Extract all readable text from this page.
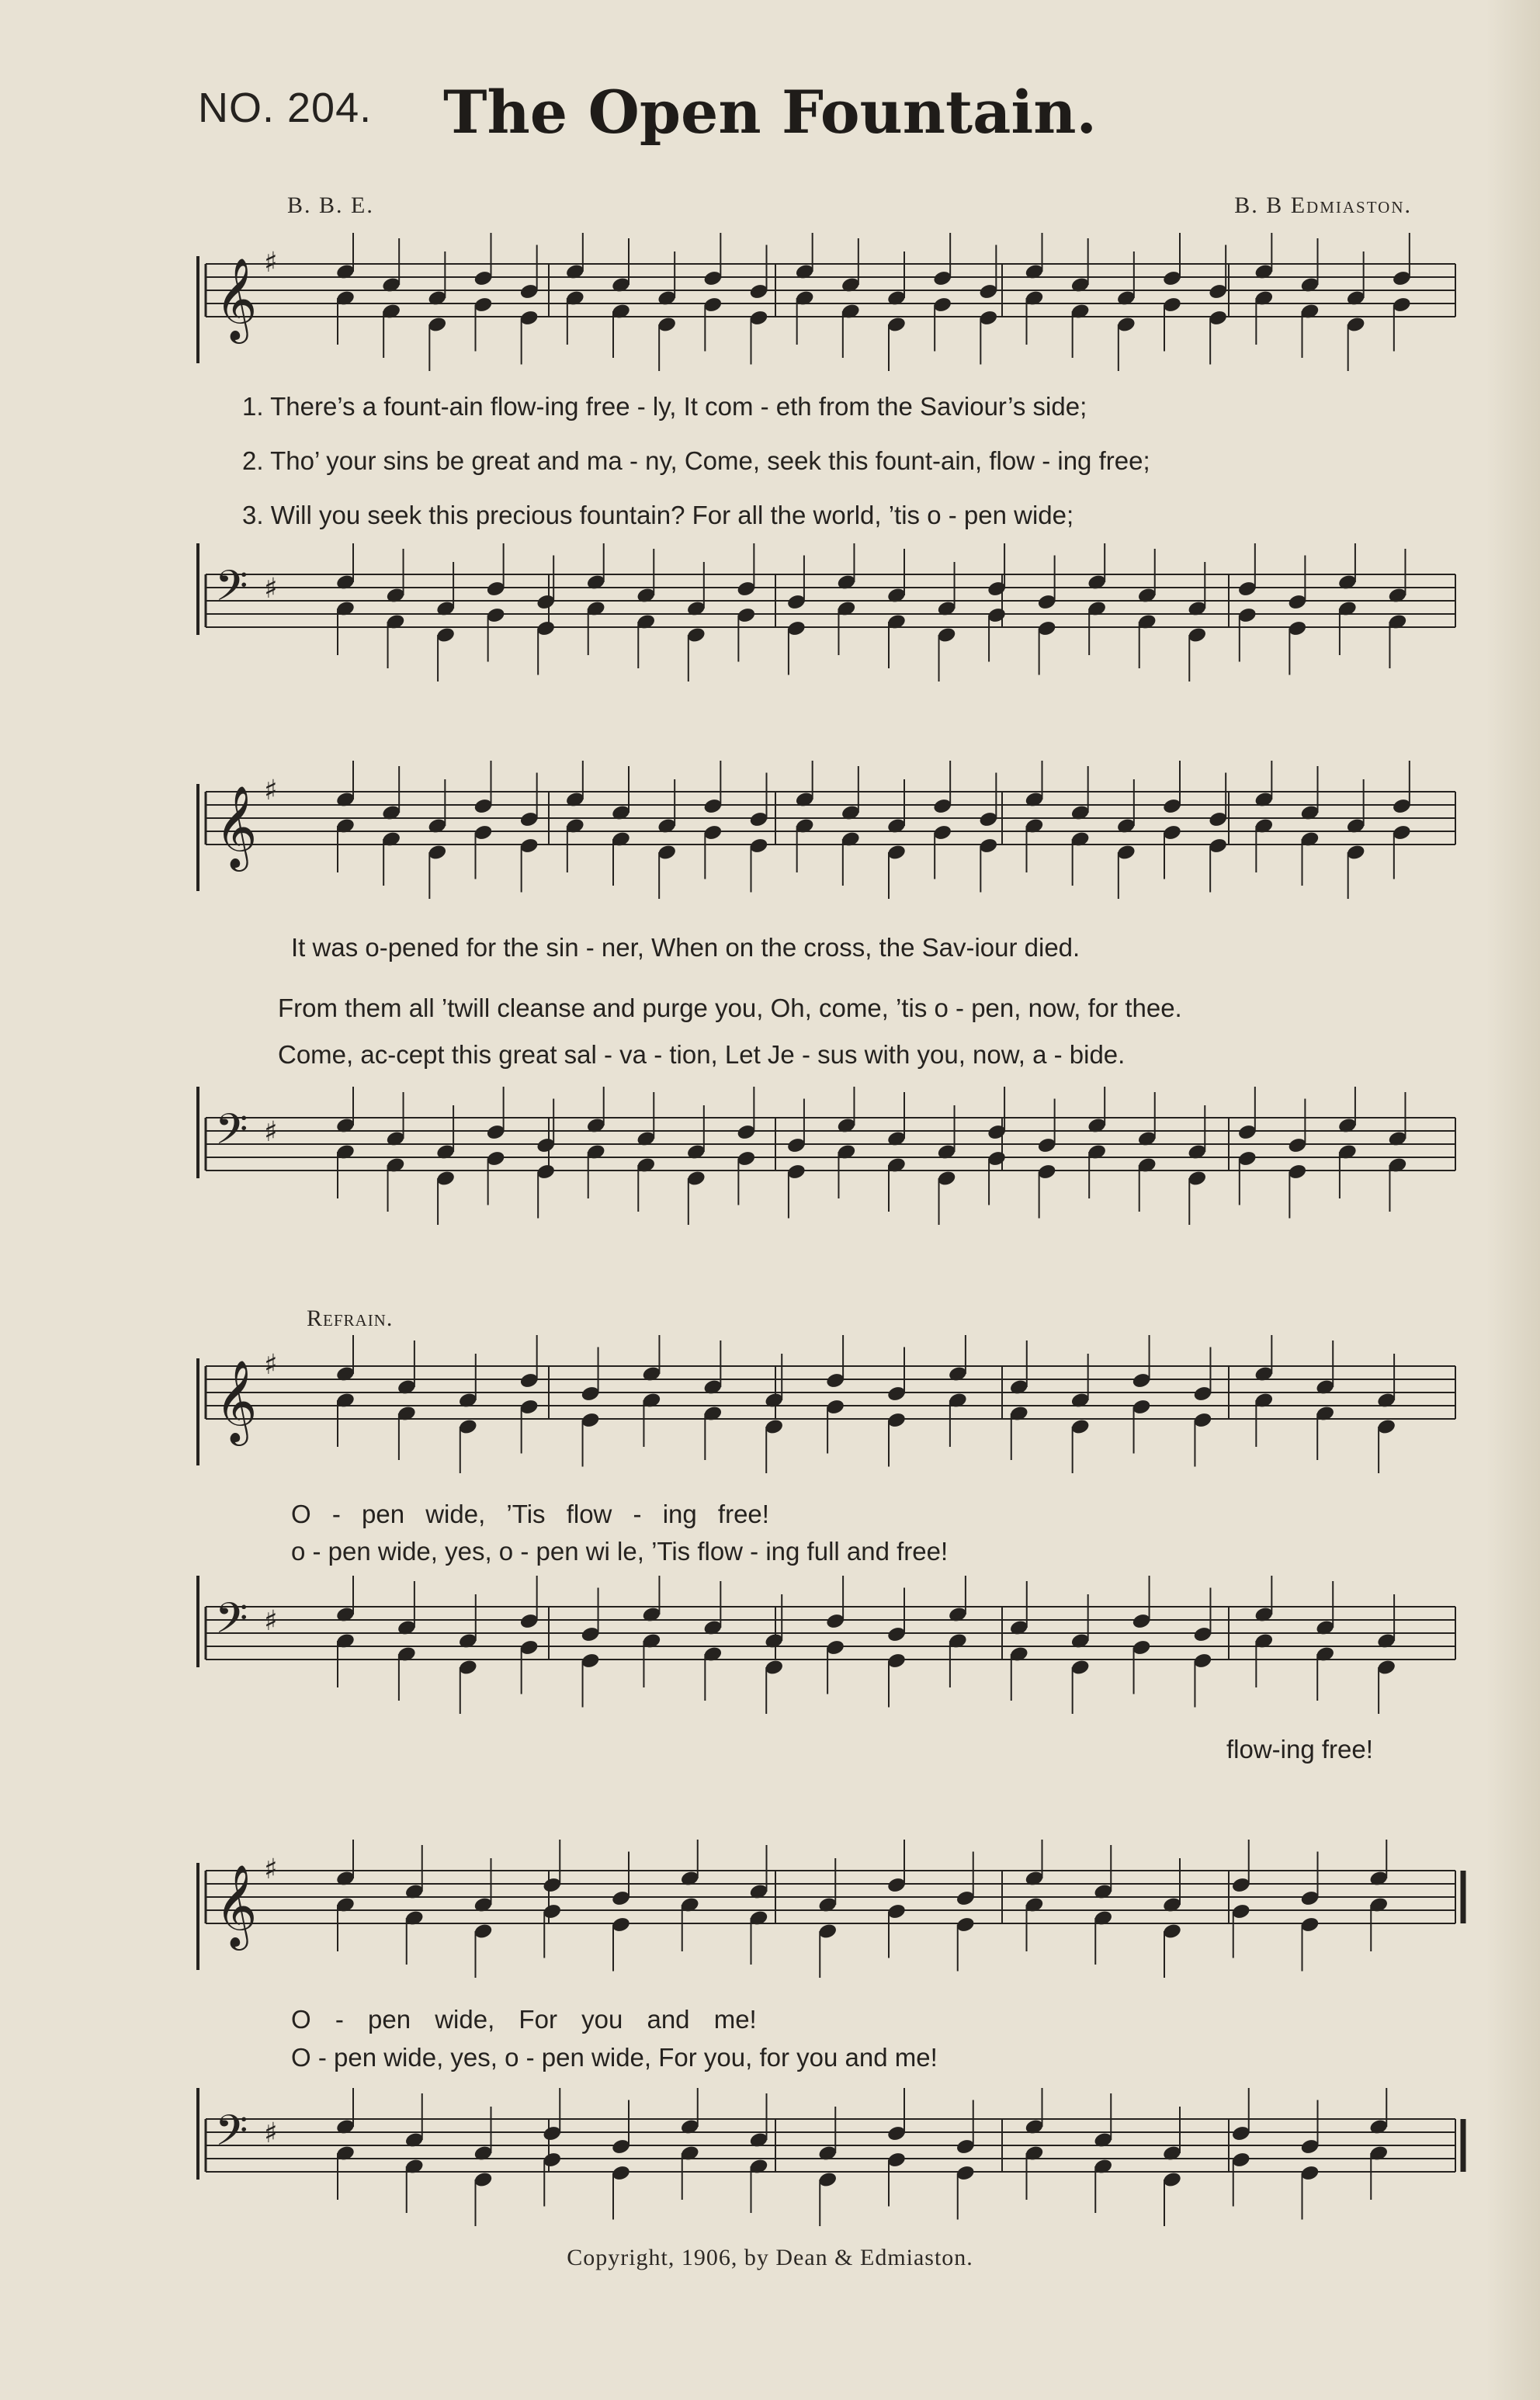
NO. 204.	The Open Fountain.
B. B. E.	B. B Edmiaston.
𝄞 ♯
1. There’s a fount-ain flow-ing free - ly, It com - eth from the Saviour’s side;
2. Tho’ your sins be great and ma - ny, Come, seek this fount-ain, flow - ing free;
3. Will you seek this precious fountain? For all the world, ’tis o - pen wide;
𝄢 ♯
𝄞 ♯
It was o-pened for the sin - ner, When on the cross, the Sav-iour died.
From them all ’twill cleanse and purge you, Oh, come, ’tis o - pen, now, for thee.
Come, ac-cept this great sal - va - tion, Let Je - sus with you, now, a - bide.
𝄢 ♯
Refrain.
𝄞 ♯
O - pen wide, ’Tis flow - ing free!
o - pen wide, yes, o - pen wi le, ’Tis flow - ing full and free!
𝄢 ♯
flow-ing free!
𝄞 ♯
O - pen wide, For you and me!
O - pen wide, yes, o - pen wide, For you, for you and me!
𝄢 ♯
Copyright, 1906, by Dean & Edmiaston.
